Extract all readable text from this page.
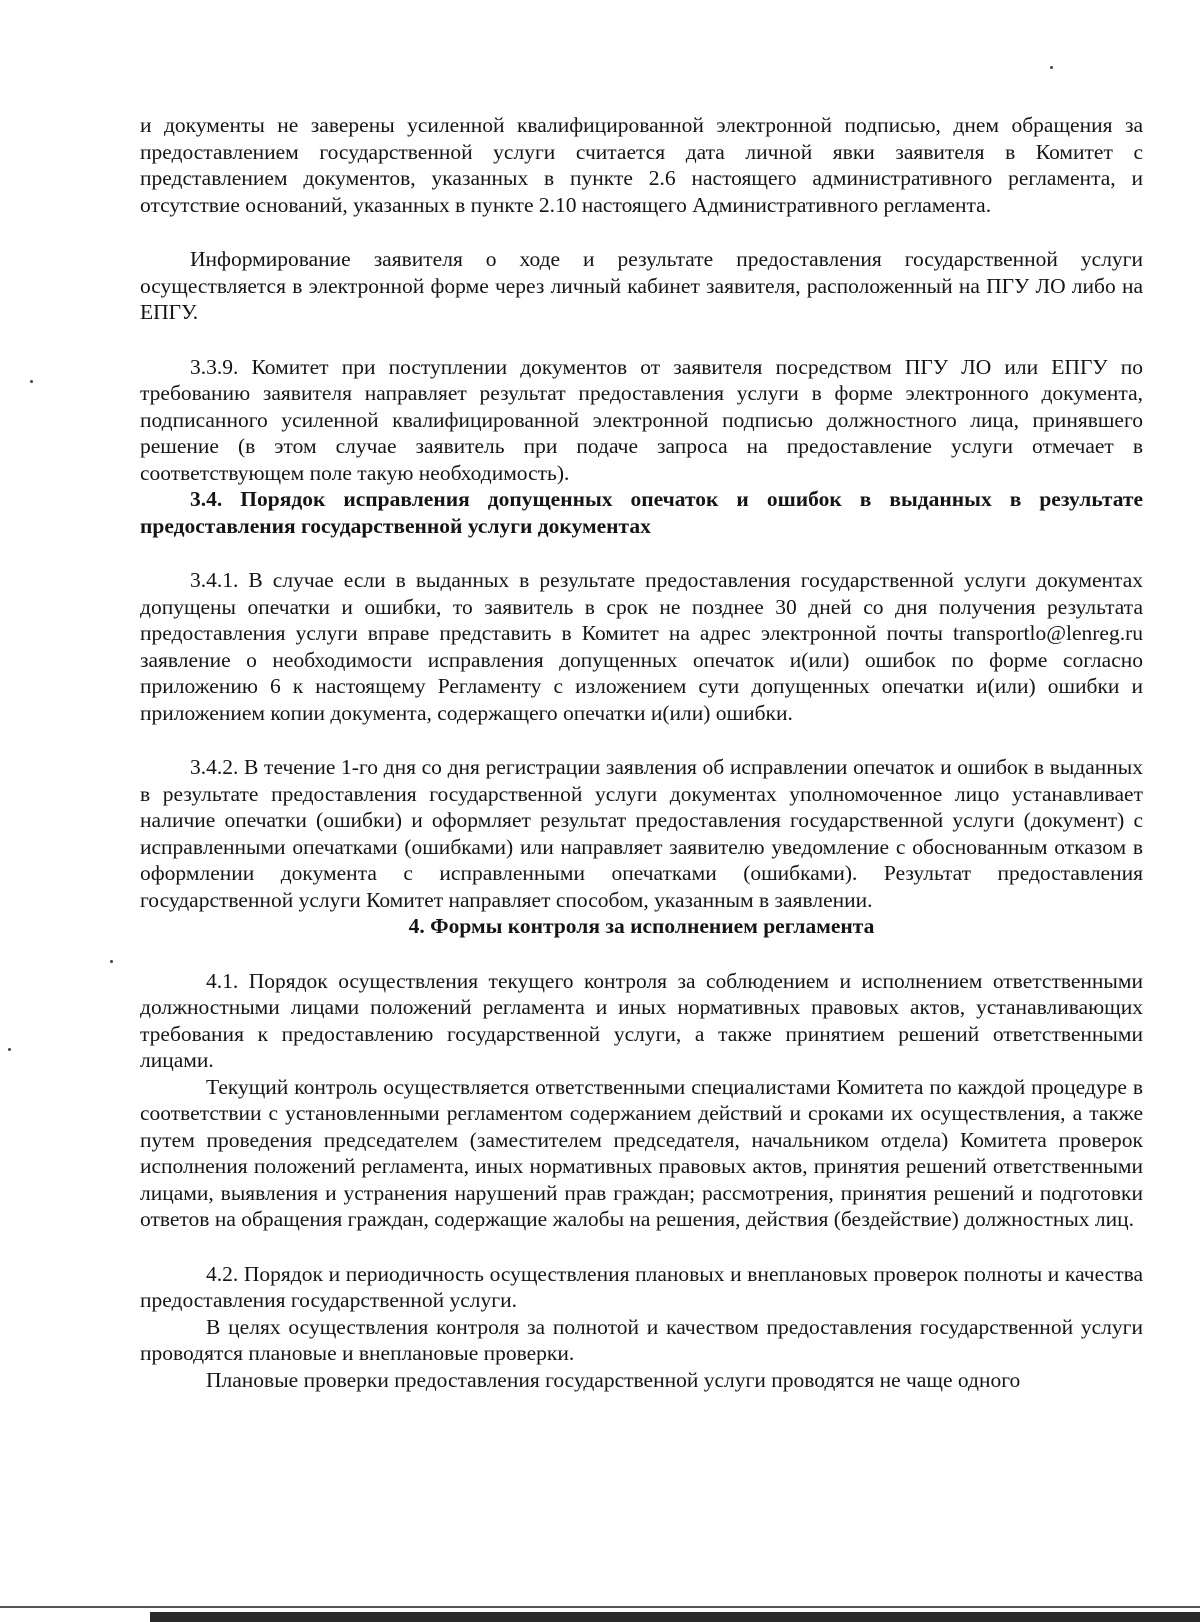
и документы не заверены усиленной квалифицированной электронной подписью, днем обращения за предоставлением государственной услуги считается дата личной явки заявителя в Комитет с представлением документов, указанных в пункте 2.6 настоящего административного регламента, и отсутствие оснований, указанных в пункте 2.10 настоящего Административного регламента.

Информирование заявителя о ходе и результате предоставления государственной услуги осуществляется в электронной форме через личный кабинет заявителя, расположенный на ПГУ ЛО либо на ЕПГУ.

3.3.9. Комитет при поступлении документов от заявителя посредством ПГУ ЛО или ЕПГУ по требованию заявителя направляет результат предоставления услуги в форме электронного документа, подписанного усиленной квалифицированной электронной подписью должностного лица, принявшего решение (в этом случае заявитель при подаче запроса на предоставление услуги отмечает в соответствующем поле такую необходимость).

3.4. Порядок исправления допущенных опечаток и ошибок в выданных в результате предоставления государственной услуги документах

3.4.1. В случае если в выданных в результате предоставления государственной услуги документах допущены опечатки и ошибки, то заявитель в срок не позднее 30 дней со дня получения результата предоставления услуги вправе представить в Комитет на адрес электронной почты transportlo@lenreg.ru заявление о необходимости исправления допущенных опечаток и(или) ошибок по форме согласно приложению 6 к настоящему Регламенту с изложением сути допущенных опечатки и(или) ошибки и приложением копии документа, содержащего опечатки и(или) ошибки.

3.4.2. В течение 1-го дня со дня регистрации заявления об исправлении опечаток и ошибок в выданных в результате предоставления государственной услуги документах уполномоченное лицо устанавливает наличие опечатки (ошибки) и оформляет результат предоставления государственной услуги (документ) с исправленными опечатками (ошибками) или направляет заявителю уведомление с обоснованным отказом в оформлении документа с исправленными опечатками (ошибками). Результат предоставления государственной услуги Комитет направляет способом, указанным в заявлении.

4. Формы контроля за исполнением регламента

4.1. Порядок осуществления текущего контроля за соблюдением и исполнением ответственными должностными лицами положений регламента и иных нормативных правовых актов, устанавливающих требования к предоставлению государственной услуги, а также принятием решений ответственными лицами.

Текущий контроль осуществляется ответственными специалистами Комитета по каждой процедуре в соответствии с установленными регламентом содержанием действий и сроками их осуществления, а также путем проведения председателем (заместителем председателя, начальником отдела) Комитета проверок исполнения положений регламента, иных нормативных правовых актов, принятия решений ответственными лицами, выявления и устранения нарушений прав граждан; рассмотрения, принятия решений и подготовки ответов на обращения граждан, содержащие жалобы на решения, действия (бездействие) должностных лиц.

4.2. Порядок и периодичность осуществления плановых и внеплановых проверок полноты и качества предоставления государственной услуги.

В целях осуществления контроля за полнотой и качеством предоставления государственной услуги проводятся плановые и внеплановые проверки.

Плановые проверки предоставления государственной услуги проводятся не чаще одного
